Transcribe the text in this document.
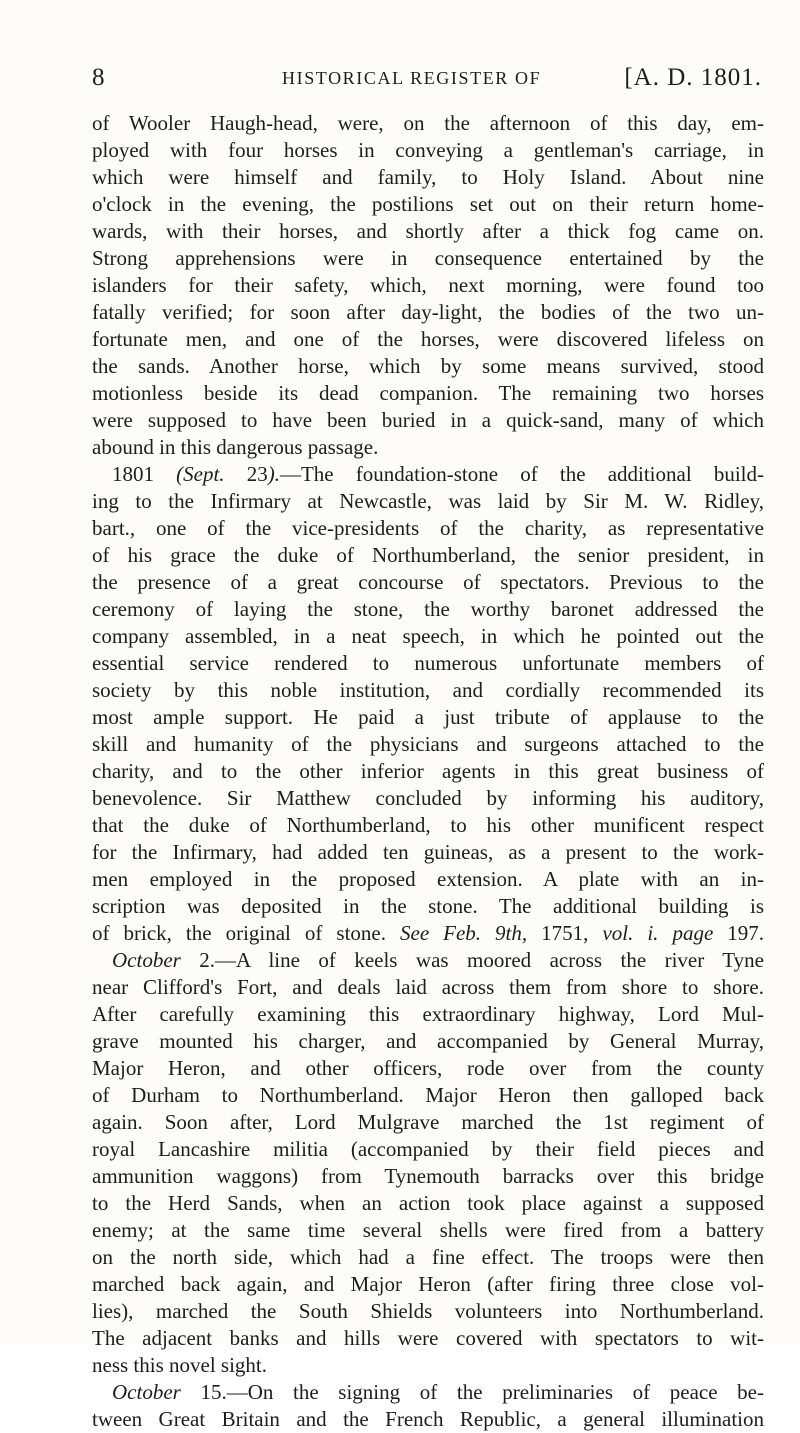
8	HISTORICAL REGISTER OF	[A. D. 1801.
of Wooler Haugh-head, were, on the afternoon of this day, em-
ployed with four horses in conveying a gentleman's carriage, in
which were himself and family, to Holy Island. About nine
o'clock in the evening, the postilions set out on their return home-
wards, with their horses, and shortly after a thick fog came on.
Strong apprehensions were in consequence entertained by the
islanders for their safety, which, next morning, were found too
fatally verified; for soon after day-light, the bodies of the two un-
fortunate men, and one of the horses, were discovered lifeless on
the sands. Another horse, which by some means survived, stood
motionless beside its dead companion. The remaining two horses
were supposed to have been buried in a quick-sand, many of which
abound in this dangerous passage.
1801 (Sept. 23).—The foundation-stone of the additional build-
ing to the Infirmary at Newcastle, was laid by Sir M. W. Ridley,
bart., one of the vice-presidents of the charity, as representative
of his grace the duke of Northumberland, the senior president, in
the presence of a great concourse of spectators. Previous to the
ceremony of laying the stone, the worthy baronet addressed the
company assembled, in a neat speech, in which he pointed out the
essential service rendered to numerous unfortunate members of
society by this noble institution, and cordially recommended its
most ample support. He paid a just tribute of applause to the
skill and humanity of the physicians and surgeons attached to the
charity, and to the other inferior agents in this great business of
benevolence. Sir Matthew concluded by informing his auditory,
that the duke of Northumberland, to his other munificent respect
for the Infirmary, had added ten guineas, as a present to the work-
men employed in the proposed extension. A plate with an in-
scription was deposited in the stone. The additional building is
of brick, the original of stone. See Feb. 9th, 1751, vol. i. page 197.
October 2.—A line of keels was moored across the river Tyne
near Clifford's Fort, and deals laid across them from shore to shore.
After carefully examining this extraordinary highway, Lord Mul-
grave mounted his charger, and accompanied by General Murray,
Major Heron, and other officers, rode over from the county
of Durham to Northumberland. Major Heron then galloped back
again. Soon after, Lord Mulgrave marched the 1st regiment of
royal Lancashire militia (accompanied by their field pieces and
ammunition waggons) from Tynemouth barracks over this bridge
to the Herd Sands, when an action took place against a supposed
enemy; at the same time several shells were fired from a battery
on the north side, which had a fine effect. The troops were then
marched back again, and Major Heron (after firing three close vol-
lies), marched the South Shields volunteers into Northumberland.
The adjacent banks and hills were covered with spectators to wit-
ness this novel sight.
October 15.—On the signing of the preliminaries of peace be-
tween Great Britain and the French Republic, a general illumination
